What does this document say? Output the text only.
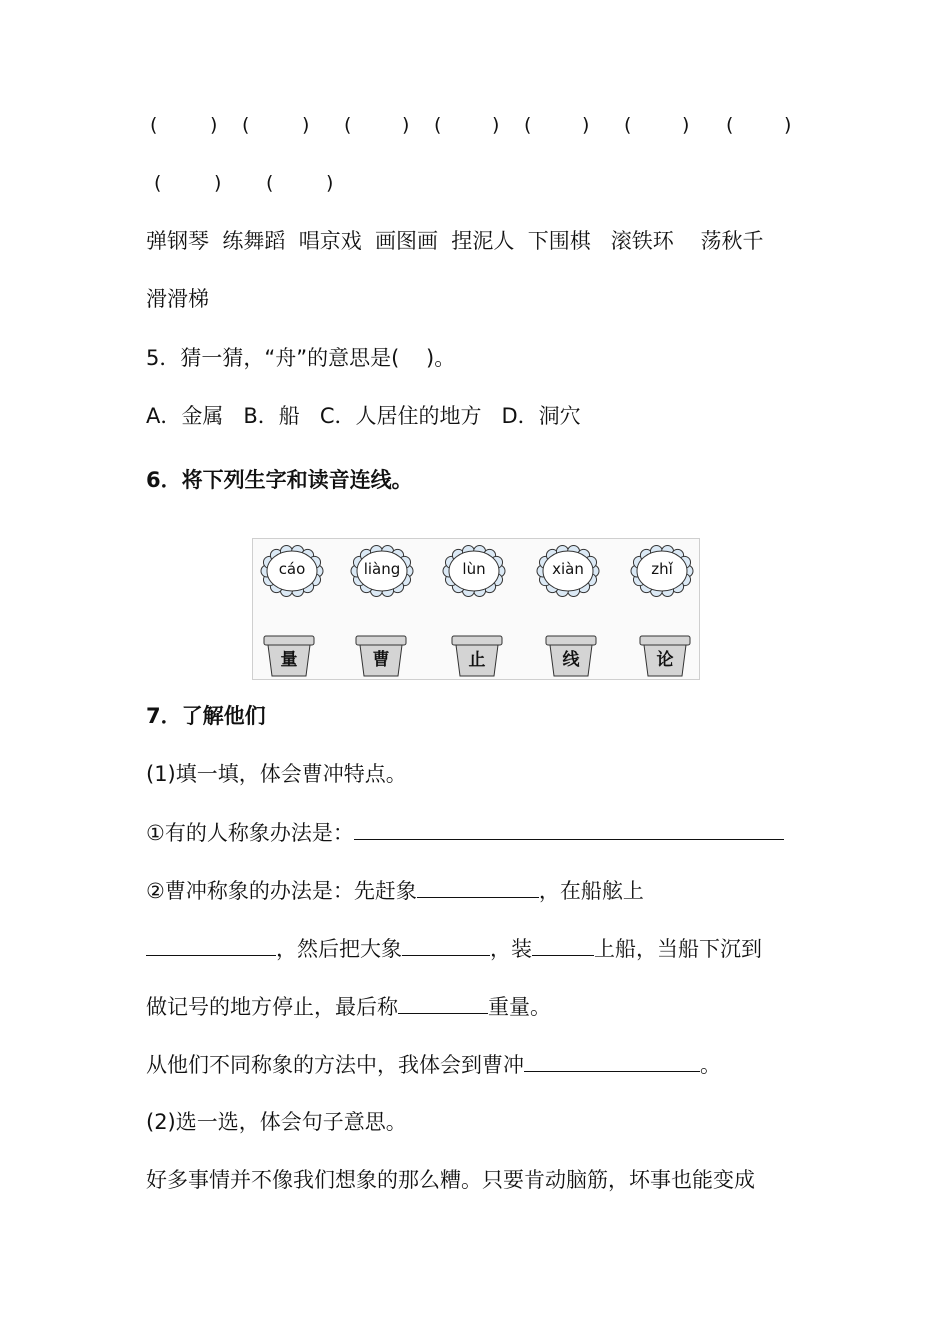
(	) (	) (	) (	) (	) (	) (	)
(	) (	)

弹钢琴  练舞蹈  唱京戏  画图画  捏泥人  下围棋   滚铁环    荡秋千

滑滑梯

5．猜一猜，“舟”的意思是(    )。

A．金属   B．船   C．人居住的地方   D．洞穴

6．将下列生字和读音连线。

cáo	liàng	lùn	xiàn	zhǐ
量	曹	止	线	论

7．了解他们

(1)填一填，体会曹冲特点。

①有的人称象办法是：

②曹冲称象的办法是：先赶象	，在船舷上

，然后把大象	，装	上船，当船下沉到

做记号的地方停止，最后称	重量。

从他们不同称象的方法中，我体会到曹冲	。

(2)选一选，体会句子意思。

好多事情并不像我们想象的那么糟。只要肯动脑筋，坏事也能变成
